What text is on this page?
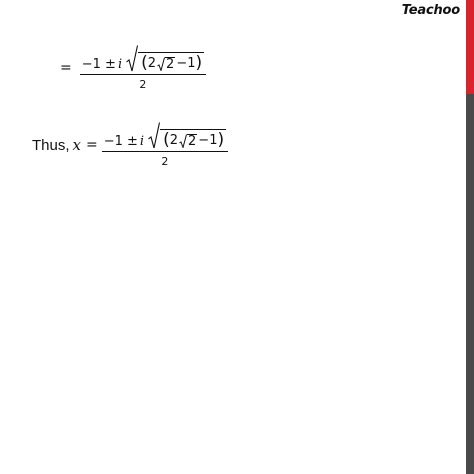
Teachoo
= −1 ± i ( 2 2 −1 )
2
Thus, x = −1 ± i ( 2 2 −1 )
2
